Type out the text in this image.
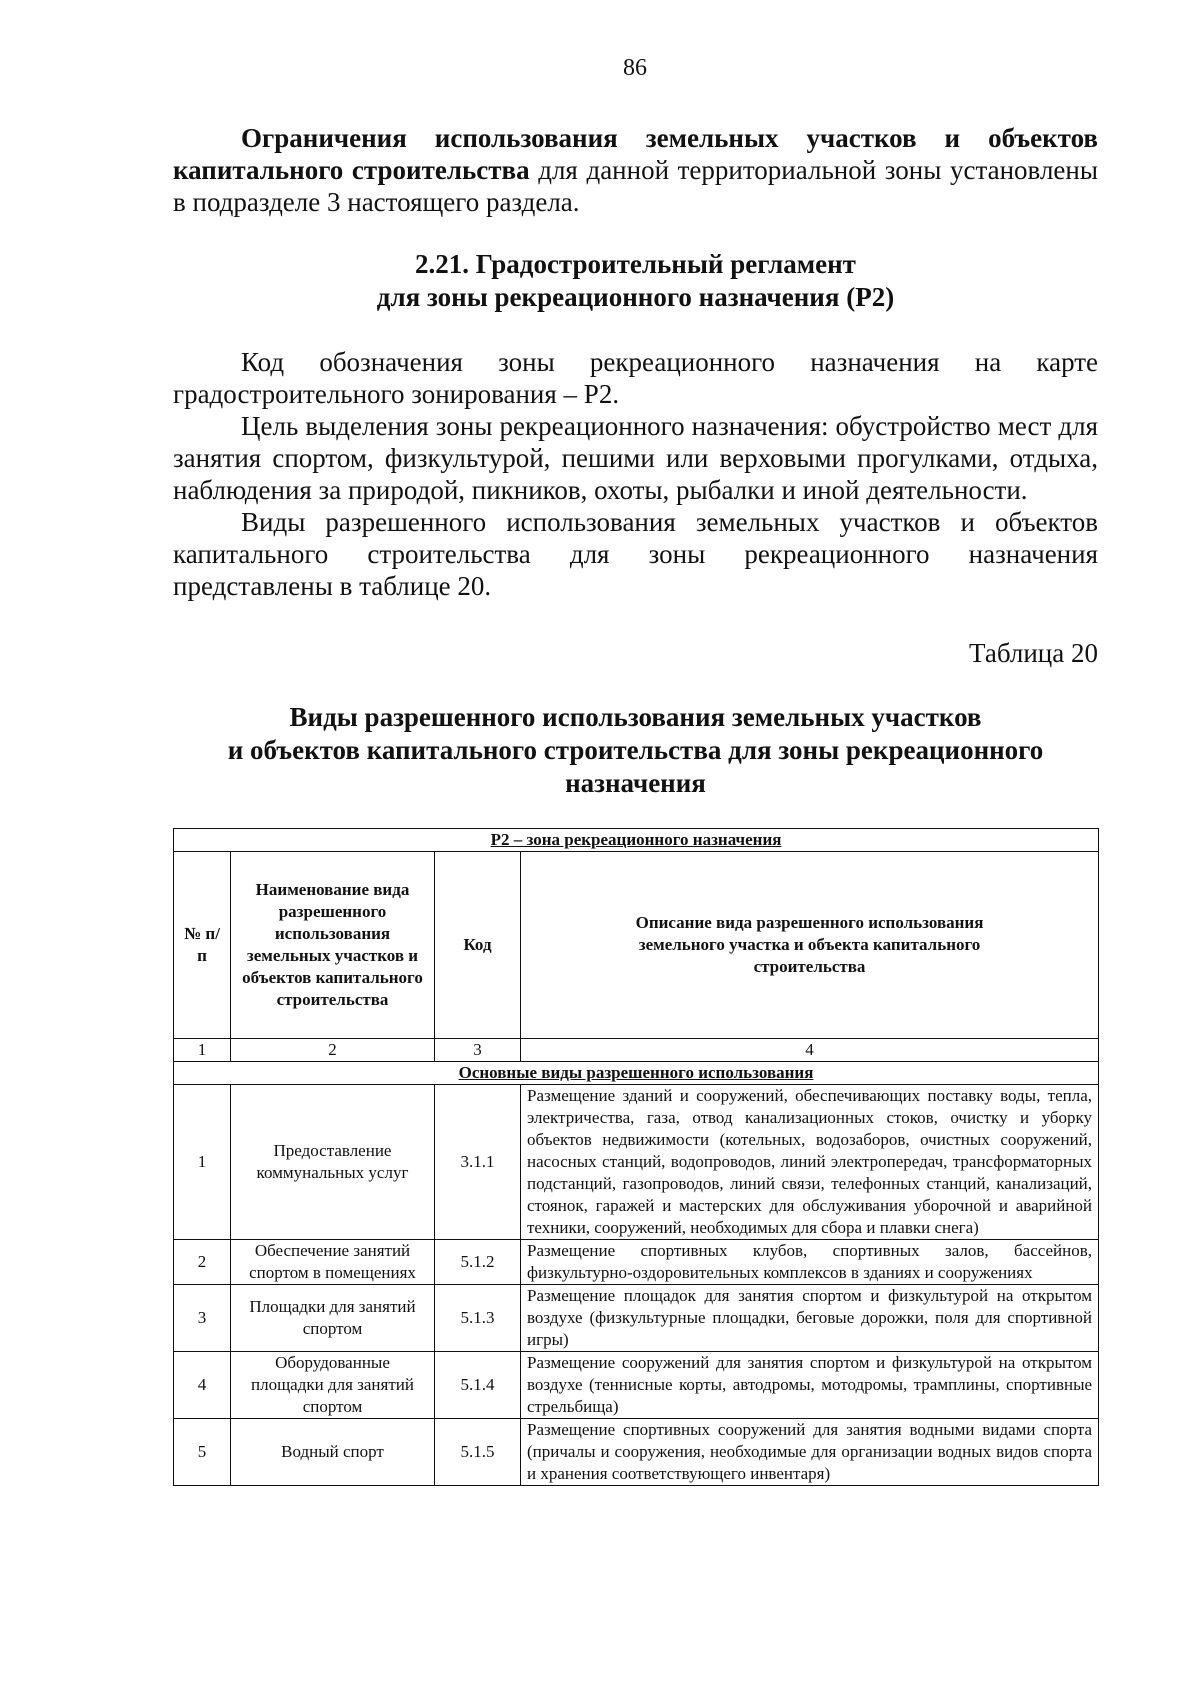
86
Ограничения использования земельных участков и объектов капитального строительства для данной территориальной зоны установлены в подразделе 3 настоящего раздела.
2.21. Градостроительный регламент
для зоны рекреационного назначения (Р2)

Код обозначения зоны рекреационного назначения на карте градостроительного зонирования – Р2.

Цель выделения зоны рекреационного назначения: обустройство мест для занятия спортом, физкультурой, пешими или верховыми прогулками, отдыха, наблюдения за природой, пикников, охоты, рыбалки и иной деятельности.

Виды разрешенного использования земельных участков и объектов капитального строительства для зоны рекреационного назначения представлены в таблице 20.

Таблица 20
Виды разрешенного использования земельных участков
и объектов капитального строительства для зоны рекреационного
назначения
Р2 – зона рекреационного назначения			
№ п/п	Наименование вида разрешенного использования земельных участков и объектов капитального строительства	Код	Описание вида разрешенного использования земельного участка и объекта капитального строительства
1	2	3	4
Основные виды разрешенного использования			
1	Предоставление коммунальных услуг	3.1.1	Размещение зданий и сооружений, обеспечивающих поставку воды, тепла, электричества, газа, отвод канализационных стоков, очистку и уборку объектов недвижимости (котельных, водозаборов, очистных сооружений, насосных станций, водопроводов, линий электропередач, трансформаторных подстанций, газопроводов, линий связи, телефонных станций, канализаций, стоянок, гаражей и мастерских для обслуживания уборочной и аварийной техники, сооружений, необходимых для сбора и плавки снега)
2	Обеспечение занятий спортом в помещениях	5.1.2	Размещение спортивных клубов, спортивных залов, бассейнов, физкультурно-оздоровительных комплексов в зданиях и сооружениях
3	Площадки для занятий спортом	5.1.3	Размещение площадок для занятия спортом и физкультурой на открытом воздухе (физкультурные площадки, беговые дорожки, поля для спортивной игры)
4	Оборудованные площадки для занятий спортом	5.1.4	Размещение сооружений для занятия спортом и физкультурой на открытом воздухе (теннисные корты, автодромы, мотодромы, трамплины, спортивные стрельбища)
5	Водный спорт	5.1.5	Размещение спортивных сооружений для занятия водными видами спорта (причалы и сооружения, необходимые для организации водных видов спорта и хранения соответствующего инвентаря)
